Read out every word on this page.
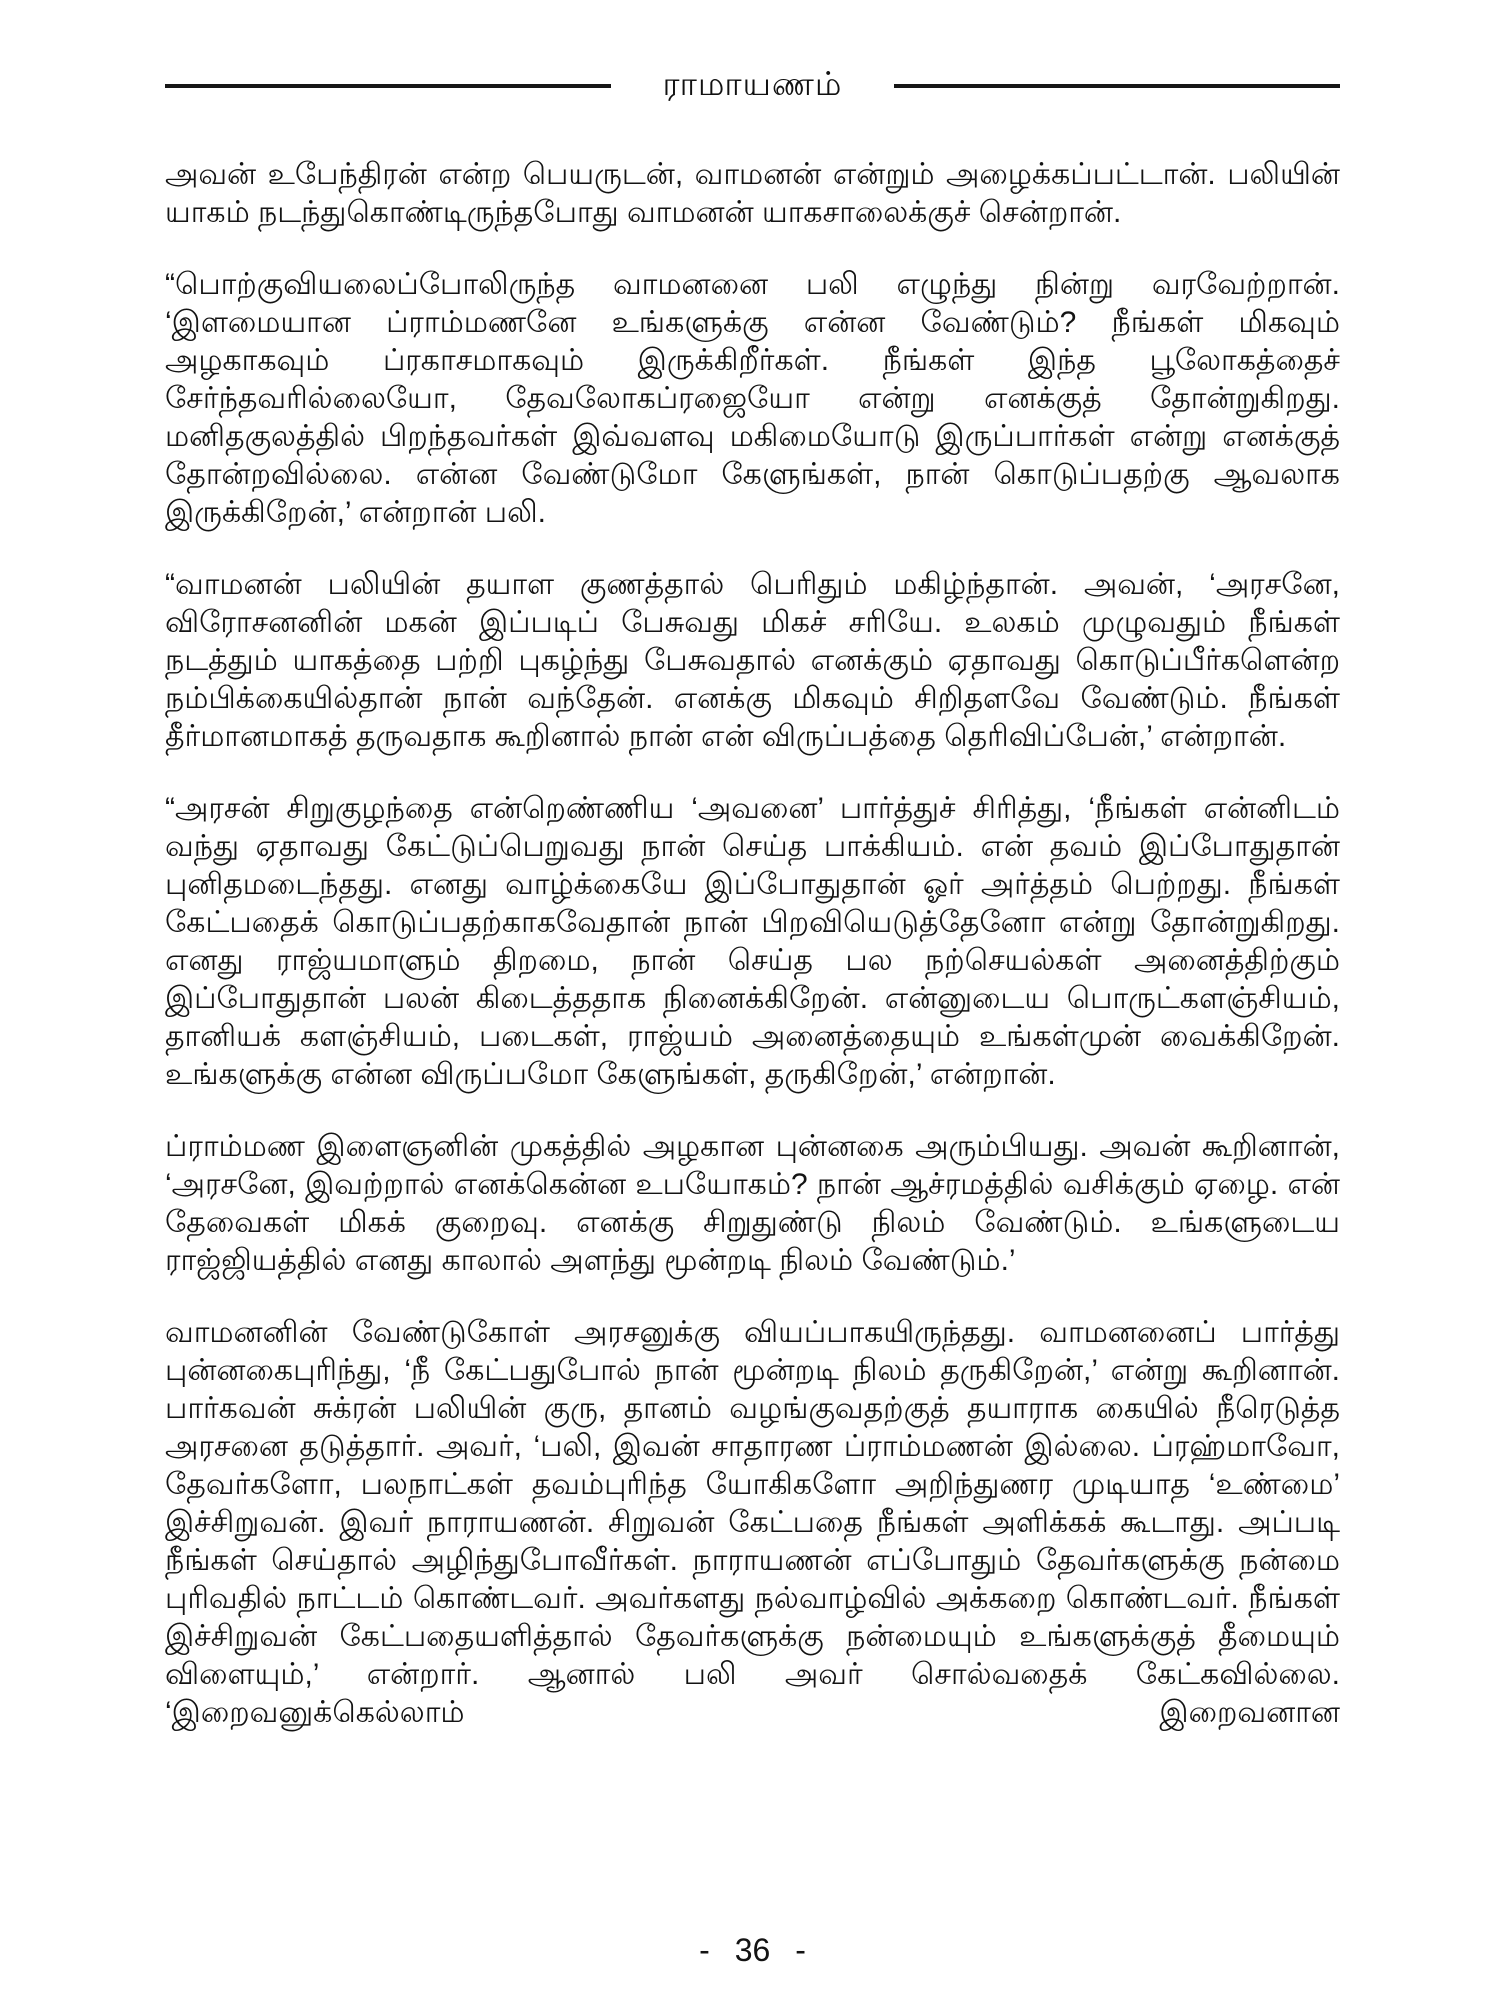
ராமாயணம்

அவன் உபேந்திரன் என்ற பெயருடன், வாமனன் என்றும் அழைக்கப்பட்டான். பலியின் யாகம் நடந்துகொண்டிருந்தபோது வாமனன் யாகசாலைக்குச் சென்றான்.

“பொற்குவியலைப்போலிருந்த வாமனனை பலி எழுந்து நின்று வரவேற்றான். ‘இளமையான ப்ராம்மணனே உங்களுக்கு என்ன வேண்டும்? நீங்கள் மிகவும் அழகாகவும் ப்ரகாசமாகவும் இருக்கிறீர்கள். நீங்கள் இந்த பூலோகத்தைச் சேர்ந்தவரில்லையோ, தேவலோகப்ரஜையோ என்று எனக்குத் தோன்றுகிறது. மனிதகுலத்தில் பிறந்தவர்கள் இவ்வளவு மகிமையோடு இருப்பார்கள் என்று எனக்குத் தோன்றவில்லை. என்ன வேண்டுமோ கேளுங்கள், நான் கொடுப்பதற்கு ஆவலாக இருக்கிறேன்,’ என்றான் பலி.

“வாமனன் பலியின் தயாள குணத்தால் பெரிதும் மகிழ்ந்தான். அவன், ‘அரசனே, விரோசனனின் மகன் இப்படிப் பேசுவது மிகச் சரியே. உலகம் முழுவதும் நீங்கள் நடத்தும் யாகத்தை பற்றி புகழ்ந்து பேசுவதால் எனக்கும் ஏதாவது கொடுப்பீர்களென்ற நம்பிக்கையில்தான் நான் வந்தேன். எனக்கு மிகவும் சிறிதளவே வேண்டும். நீங்கள் தீர்மானமாகத் தருவதாக கூறினால் நான் என் விருப்பத்தை தெரிவிப்பேன்,’ என்றான்.

“அரசன் சிறுகுழந்தை என்றெண்ணிய ‘அவனை’ பார்த்துச் சிரித்து, ‘நீங்கள் என்னிடம் வந்து ஏதாவது கேட்டுப்பெறுவது நான் செய்த பாக்கியம். என் தவம் இப்போதுதான் புனிதமடைந்தது. எனது வாழ்க்கையே இப்போதுதான் ஓர் அர்த்தம் பெற்றது. நீங்கள் கேட்பதைக் கொடுப்பதற்காகவேதான் நான் பிறவியெடுத்தேனோ என்று தோன்றுகிறது. எனது ராஜ்யமாளும் திறமை, நான் செய்த பல நற்செயல்கள் அனைத்திற்கும் இப்போதுதான் பலன் கிடைத்ததாக நினைக்கிறேன். என்னுடைய பொருட்களஞ்சியம், தானியக் களஞ்சியம், படைகள், ராஜ்யம் அனைத்தையும் உங்கள்முன் வைக்கிறேன். உங்களுக்கு என்ன விருப்பமோ கேளுங்கள், தருகிறேன்,’ என்றான்.

ப்ராம்மண இளைஞனின் முகத்தில் அழகான புன்னகை அரும்பியது. அவன் கூறினான், ‘அரசனே, இவற்றால் எனக்கென்ன உபயோகம்? நான் ஆச்ரமத்தில் வசிக்கும் ஏழை. என் தேவைகள் மிகக் குறைவு. எனக்கு சிறுதுண்டு நிலம் வேண்டும். உங்களுடைய ராஜ்ஜியத்தில் எனது காலால் அளந்து மூன்றடி நிலம் வேண்டும்.’

வாமனனின் வேண்டுகோள் அரசனுக்கு வியப்பாகயிருந்தது. வாமனனைப் பார்த்து புன்னகைபுரிந்து, ‘நீ கேட்பதுபோல் நான் மூன்றடி நிலம் தருகிறேன்,’ என்று கூறினான். பார்கவன் சுக்ரன் பலியின் குரு, தானம் வழங்குவதற்குத் தயாராக கையில் நீரெடுத்த அரசனை தடுத்தார். அவர், ‘பலி, இவன் சாதாரண ப்ராம்மணன் இல்லை. ப்ரஹ்மாவோ, தேவர்களோ, பலநாட்கள் தவம்புரிந்த யோகிகளோ அறிந்துணர முடியாத ‘உண்மை’ இச்சிறுவன். இவர் நாராயணன். சிறுவன் கேட்பதை நீங்கள் அளிக்கக் கூடாது. அப்படி நீங்கள் செய்தால் அழிந்துபோவீர்கள். நாராயணன் எப்போதும் தேவர்களுக்கு நன்மை புரிவதில் நாட்டம் கொண்டவர். அவர்களது நல்வாழ்வில் அக்கறை கொண்டவர். நீங்கள் இச்சிறுவன் கேட்பதையளித்தால் தேவர்களுக்கு நன்மையும் உங்களுக்குத் தீமையும் விளையும்,’ என்றார். ஆனால் பலி அவர் சொல்வதைக் கேட்கவில்லை. ‘இறைவனுக்கெல்லாம் இறைவனான

- 36 -
